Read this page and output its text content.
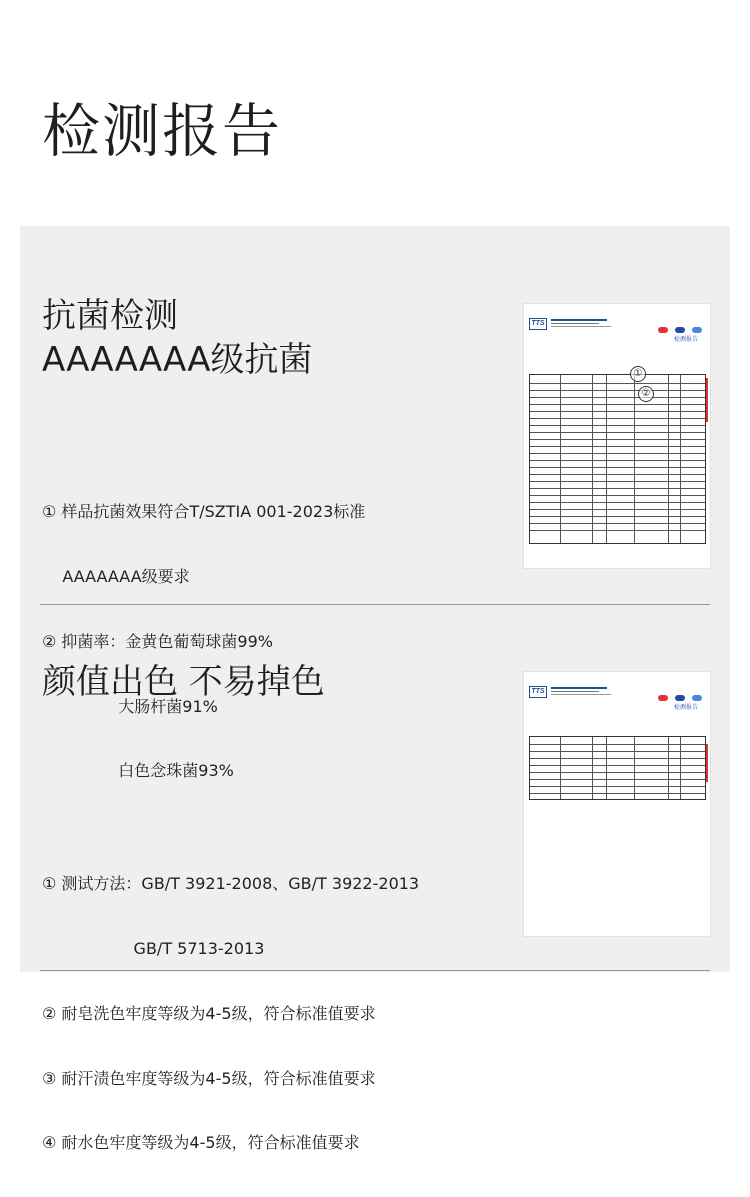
检测报告
抗菌检测
AAAAAAA级抗菌

① 样品抗菌效果符合T/SZTIA 001-2023标准

AAAAAAA级要求

② 抑菌率：金黄色葡萄球菌99%

大肠杆菌91%

白色念珠菌93%

TTS

检测报告
①
②
颜值出色 不易掉色

① 测试方法：GB/T 3921-2008、GB/T 3922-2013

GB/T 5713-2013

② 耐皂洗色牢度等级为4-5级，符合标准值要求

③ 耐汗渍色牢度等级为4-5级，符合标准值要求

④ 耐水色牢度等级为4-5级，符合标准值要求

TTS

检测报告
